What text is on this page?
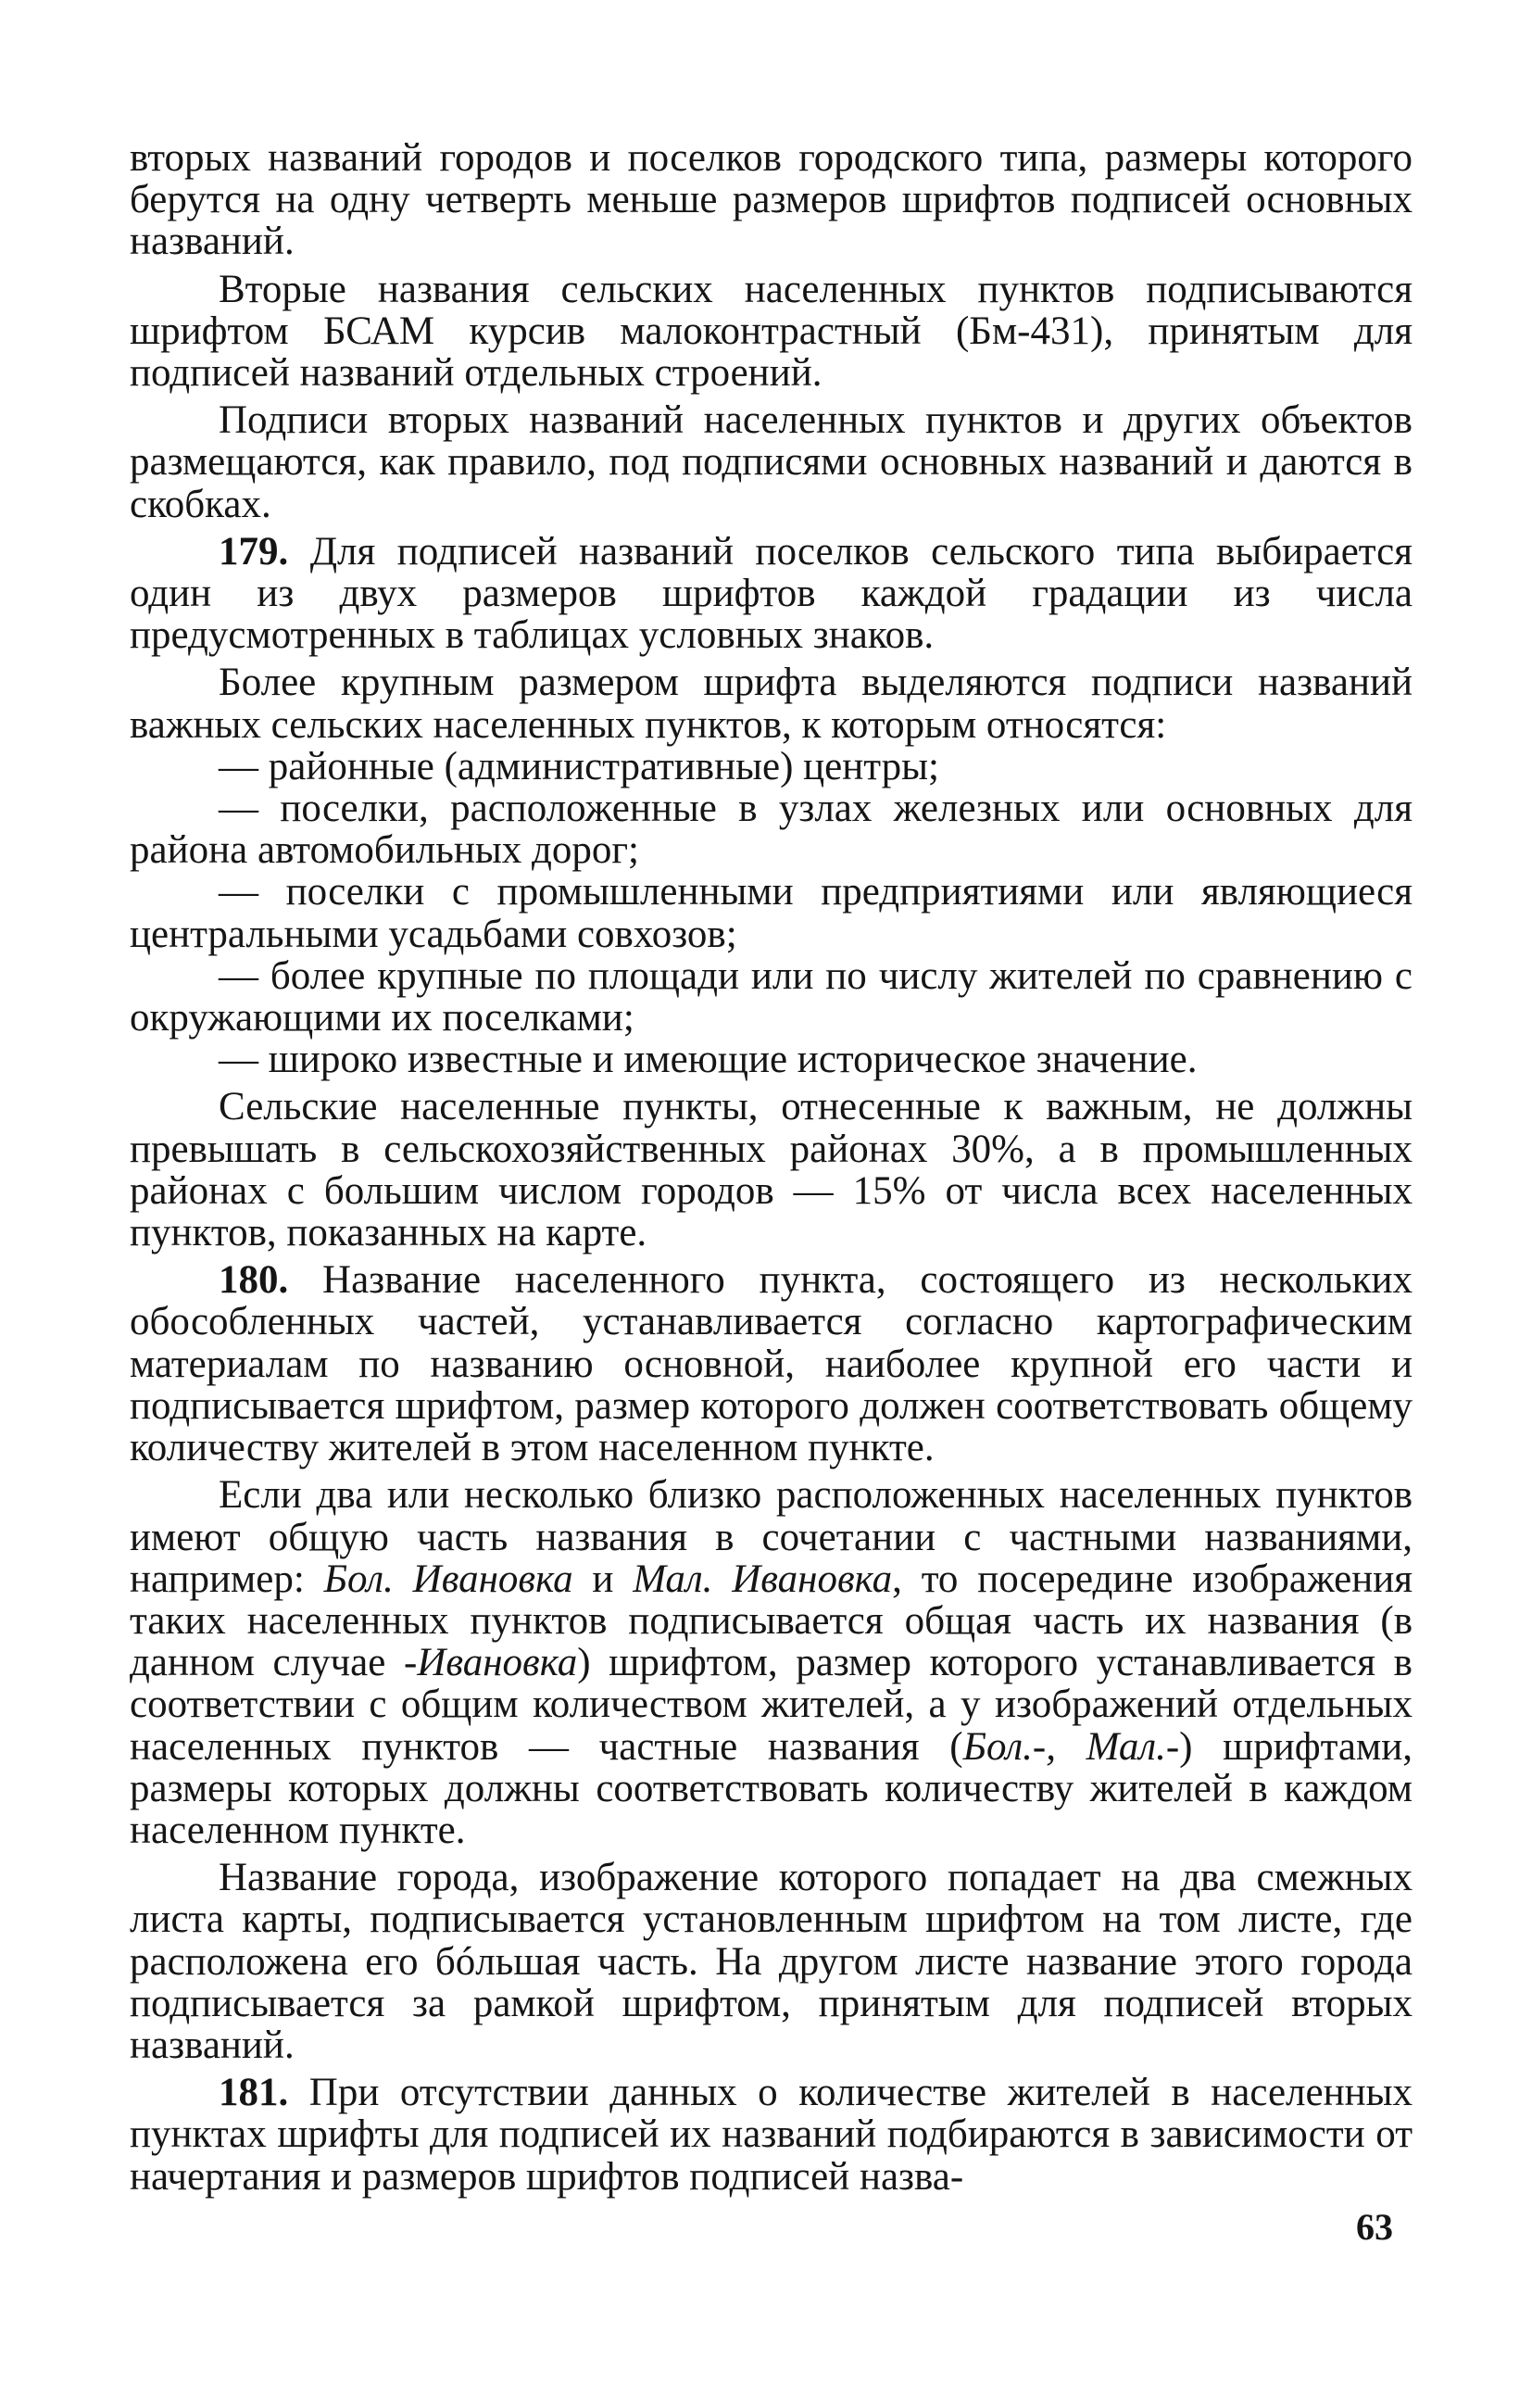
вторых названий городов и поселков городского типа, размеры которого берутся на одну четверть меньше размеров шрифтов подписей основных названий.

Вторые названия сельских населенных пунктов подписываются шрифтом БСАМ курсив малоконтрастный (Бм-431), принятым для подписей названий отдельных строений.

Подписи вторых названий населенных пунктов и других объектов размещаются, как правило, под подписями основных названий и даются в скобках.

179. Для подписей названий поселков сельского типа выбирается один из двух размеров шрифтов каждой градации из числа предусмотренных в таблицах условных знаков.

Более крупным размером шрифта выделяются подписи названий важных сельских населенных пунктов, к которым относятся:

— районные (административные) центры;

— поселки, расположенные в узлах железных или основных для района автомобильных дорог;

— поселки с промышленными предприятиями или являющиеся центральными усадьбами совхозов;

— более крупные по площади или по числу жителей по сравнению с окружающими их поселками;

— широко известные и имеющие историческое значение.

Сельские населенные пункты, отнесенные к важным, не должны превышать в сельскохозяйственных районах 30%, а в промышленных районах с большим числом городов — 15% от числа всех населенных пунктов, показанных на карте.

180. Название населенного пункта, состоящего из нескольких обособленных частей, устанавливается согласно картографическим материалам по названию основной, наиболее крупной его части и подписывается шрифтом, размер которого должен соответствовать общему количеству жителей в этом населенном пункте.

Если два или несколько близко расположенных населенных пунктов имеют общую часть названия в сочетании с частными названиями, например: Бол. Ивановка и Мал. Ивановка, то посередине изображения таких населенных пунктов подписывается общая часть их названия (в данном случае -Ивановка) шрифтом, размер которого устанавливается в соответствии с общим количеством жителей, а у изображений отдельных населенных пунктов — частные названия (Бол.-, Мал.-) шрифтами, размеры которых должны соответствовать количеству жителей в каждом населенном пункте.

Название города, изображение которого попадает на два смежных листа карты, подписывается установленным шрифтом на том листе, где расположена его бóльшая часть. На другом листе название этого города подписывается за рамкой шрифтом, принятым для подписей вторых названий.

181. При отсутствии данных о количестве жителей в населенных пунктах шрифты для подписей их названий подбираются в зависимости от начертания и размеров шрифтов подписей назва-

63
